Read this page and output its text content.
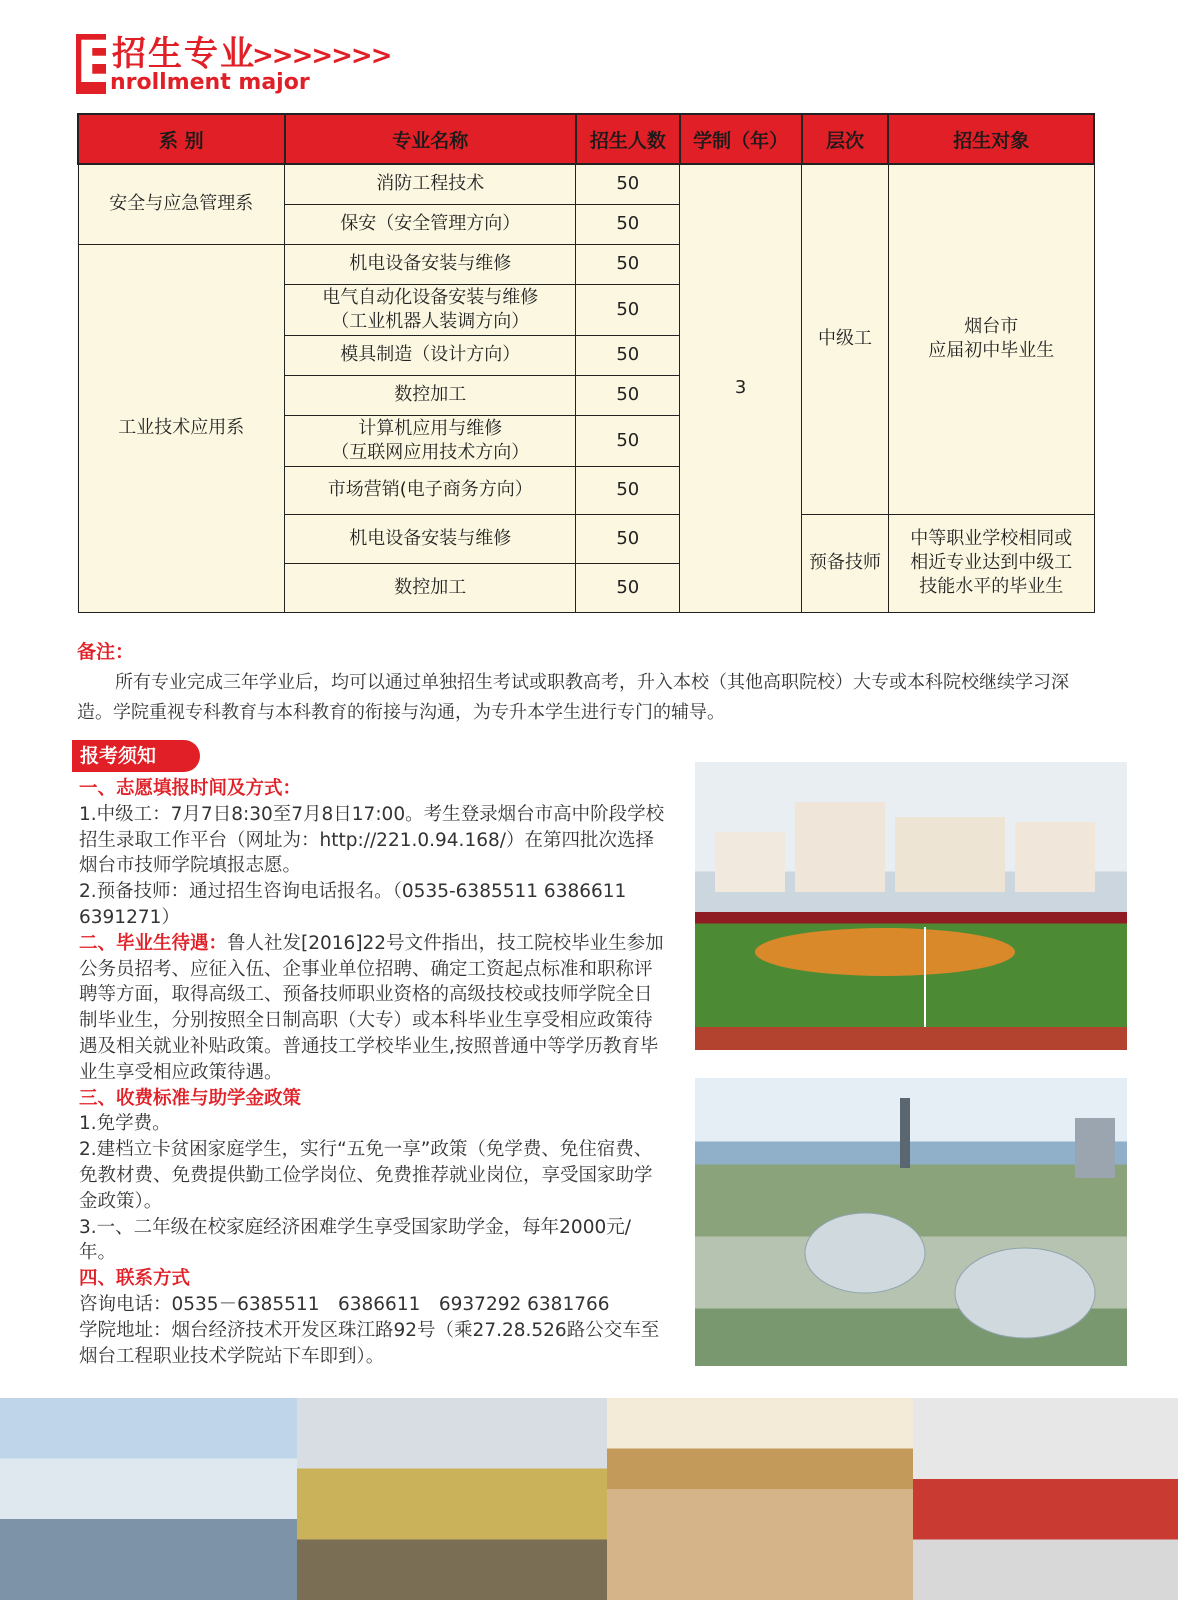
E
招生专业
>>>>>>>
nrollment major
系 别	专业名称	招生人数	学制（年）	层次	招生对象
安全与应急管理系	消防工程技术	50	3	中级工	烟台市
应届初中毕业生

	保安（安全管理方向）	50			
工业技术应用系	机电设备安装与维修	50			

	电气自动化设备安装与维修
（工业机器人装调方向）	50			
	模具制造（设计方向）	50			
	数控加工	50			

	计算机应用与维修
（互联网应用技术方向）	50			
	市场营销(电子商务方向）	50			
	机电设备安装与维修	50		预备技师	中等职业学校相同或
相近专业达到中级工
技能水平的毕业生

	数控加工	50			
备注：
所有专业完成三年学业后，均可以通过单独招生考试或职教高考，升入本校（其他高职院校）大专或本科院校继续学习深造。学院重视专科教育与本科教育的衔接与沟通，为专升本学生进行专门的辅导。
报考须知

一、志愿填报时间及方式：

1.中级工：7月7日8:30至7月8日17:00。考生登录烟台市高中阶段学校招生录取工作平台（网址为：http://221.0.94.168/）在第四批次选择烟台市技师学院填报志愿。

2.预备技师：通过招生咨询电话报名。（0535-6385511 6386611 6391271）

二、毕业生待遇：鲁人社发[2016]22号文件指出，技工院校毕业生参加公务员招考、应征入伍、企事业单位招聘、确定工资起点标准和职称评聘等方面，取得高级工、预备技师职业资格的高级技校或技师学院全日制毕业生，分别按照全日制高职（大专）或本科毕业生享受相应政策待遇及相关就业补贴政策。普通技工学校毕业生,按照普通中等学历教育毕业生享受相应政策待遇。

三、收费标准与助学金政策

1.免学费。

2.建档立卡贫困家庭学生，实行“五免一享”政策（免学费、免住宿费、免教材费、免费提供勤工俭学岗位、免费推荐就业岗位，享受国家助学金政策）。

3.一、二年级在校家庭经济困难学生享受国家助学金，每年2000元/年。

四、联系方式

咨询电话：0535－6385511　6386611　6937292 6381766

学院地址：烟台经济技术开发区珠江路92号（乘27.28.526路公交车至烟台工程职业技术学院站下车即到）。
